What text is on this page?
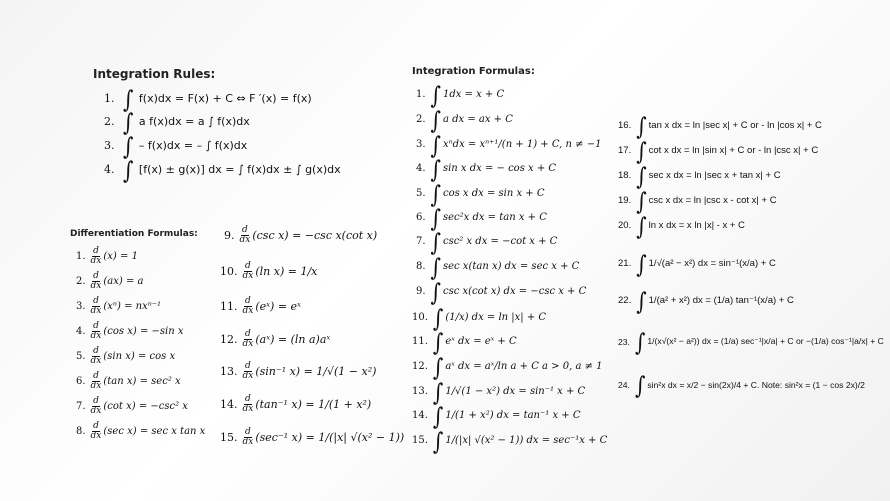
Integration Rules:
1. ∫ f(x)dx = F(x) + C ⇔ F ′(x) = f(x)
2. ∫ a f(x)dx = a ∫ f(x)dx
3. ∫ – f(x)dx = – ∫ f(x)dx
4. ∫ [f(x) ± g(x)] dx = ∫ f(x)dx ± ∫ g(x)dx
Differentiation Formulas:
1. $\frac{d}{dx} (x) = 1$
2. $\frac{d}{dx} (ax) = a$
3. $\frac{d}{dx} (x^n) = nx^{n-1}$
4. $\frac{d}{dx} (\cos$ x) = −sin x
5. $\frac{d}{dx} (\sin$ x) = cos x
6. $\frac{d}{dx} (\tan$ x) = sec² x
7. $\frac{d}{dx} (\cot$ x) = −csc² x
8. $\frac{d}{dx} (\sec$ x) = sec x tan x
9. $\frac{d}{dx} (\csc$ x) = −csc x(cot x)
10. $\frac{d}{dx} (\ln$ x) = 1/x
11. $\frac{d}{dx}$ (eˣ) = eˣ
12. $\frac{d}{dx}$ (aˣ) = (ln a)aˣ
13. $\frac{d}{dx} (\sin^{-1}$ x) = 1/√(1 − x²)
14. $\frac{d}{dx} (\tan^{-1}$ x) = 1/(1 + x²)
15. $\frac{d}{dx} (\sec^{-1}$ x) = 1/(|x| √(x² − 1))
Integration Formulas:
1. ∫ 1dx = x + C
2. ∫ a dx = ax + C
3. ∫ xⁿdx = xⁿ⁺¹/(n + 1) + C, n ≠ −1
4. ∫ sin x dx = − cos x + C
5. ∫ cos x dx = sin x + C
6. ∫ sec²x dx = tan x + C
7. ∫ csc² x dx = −cot x + C
8. ∫ sec x(tan x) dx = sec x + C
9. ∫ csc x(cot x) dx = −csc x + C
10. ∫ (1/x) dx = ln |x| + C
11. ∫ eˣ dx = eˣ + C
12. ∫ aˣ dx = aˣ/ln a + C a > 0, a ≠ 1
13. ∫ 1/√(1 − x²) dx = sin⁻¹ x + C
14. ∫ 1/(1 + x²) dx = tan⁻¹ x + C
15. ∫ 1/(|x| √(x² − 1)) dx = sec⁻¹x + C
16. ∫ tan x dx = ln |sec x| + C or - ln |cos x| + C
17. ∫ cot x dx = ln |sin x| + C or - ln |csc x| + C
18. ∫ sec x dx = ln |sec x + tan x| + C
19. ∫ csc x dx = ln |csc x - cot x| + C
20. ∫ ln x dx = x ln |x| - x + C
21. ∫ 1/√(a² − x²) dx = sin⁻¹(x/a) + C
22. ∫ 1/(a² + x²) dx = (1/a) tan⁻¹(x/a) + C
23. ∫ 1/(x√(x² − a²)) dx = (1/a) sec⁻¹|x/a| + C or −(1/a) cos⁻¹|a/x| + C
24. ∫ sin²x dx = x/2 − sin(2x)/4 + C. Note: sin²x = (1 − cos 2x)/2
